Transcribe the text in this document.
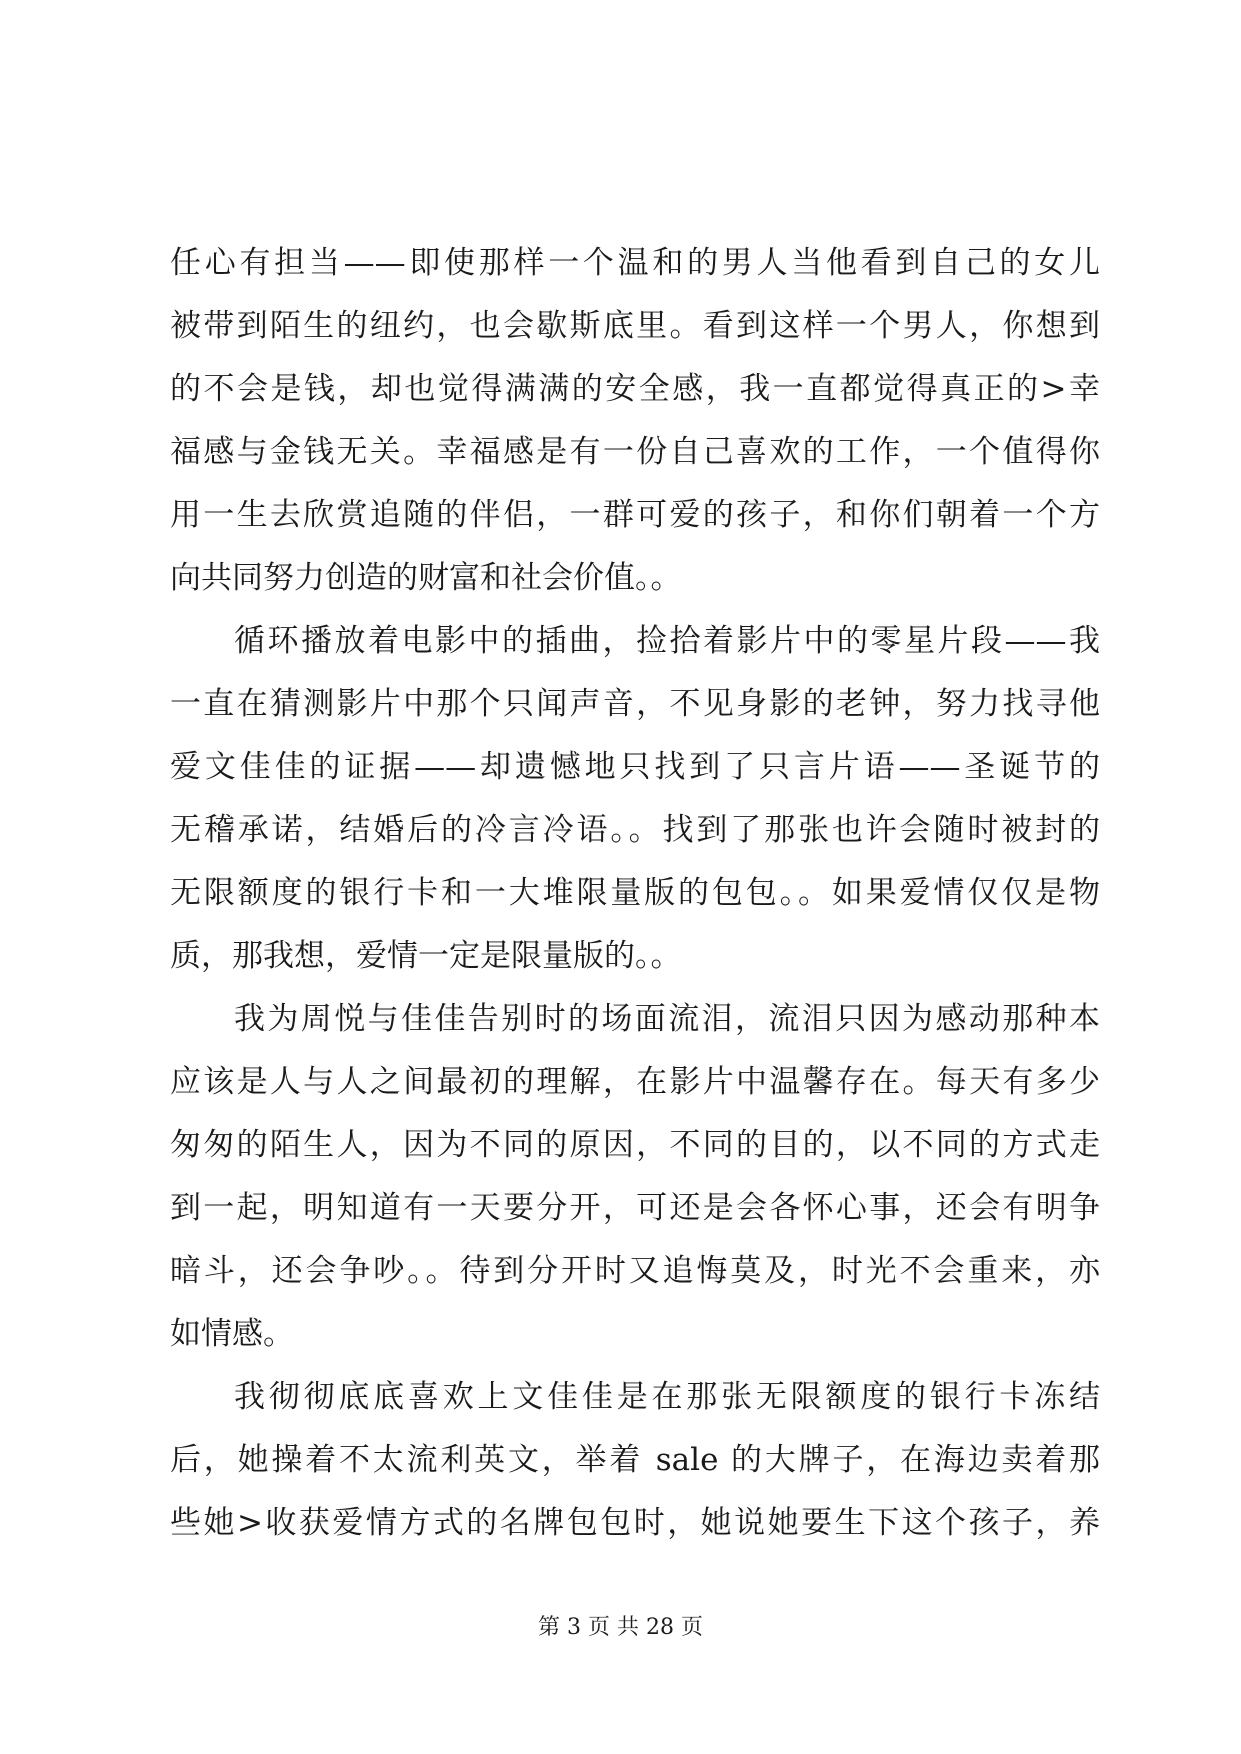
任心有担当——即使那样一个温和的男人当他看到自己的女儿
被带到陌生的纽约，也会歇斯底里。看到这样一个男人，你想到
的不会是钱，却也觉得满满的安全感，我一直都觉得真正的>幸
福感与金钱无关。幸福感是有一份自己喜欢的工作，一个值得你
用一生去欣赏追随的伴侣，一群可爱的孩子，和你们朝着一个方
向共同努力创造的财富和社会价值。。
循环播放着电影中的插曲，捡拾着影片中的零星片段——我
一直在猜测影片中那个只闻声音，不见身影的老钟，努力找寻他
爱文佳佳的证据——却遗憾地只找到了只言片语——圣诞节的
无稽承诺，结婚后的冷言冷语。。找到了那张也许会随时被封的
无限额度的银行卡和一大堆限量版的包包。。如果爱情仅仅是物
质，那我想，爱情一定是限量版的。。
我为周悦与佳佳告别时的场面流泪，流泪只因为感动那种本
应该是人与人之间最初的理解，在影片中温馨存在。每天有多少
匆匆的陌生人，因为不同的原因，不同的目的，以不同的方式走
到一起，明知道有一天要分开，可还是会各怀心事，还会有明争
暗斗，还会争吵。。待到分开时又追悔莫及，时光不会重来，亦
如情感。
我彻彻底底喜欢上文佳佳是在那张无限额度的银行卡冻结
后，她操着不太流利英文，举着 sale 的大牌子，在海边卖着那
些她>收获爱情方式的名牌包包时，她说她要生下这个孩子，养
第 3 页 共 28 页
